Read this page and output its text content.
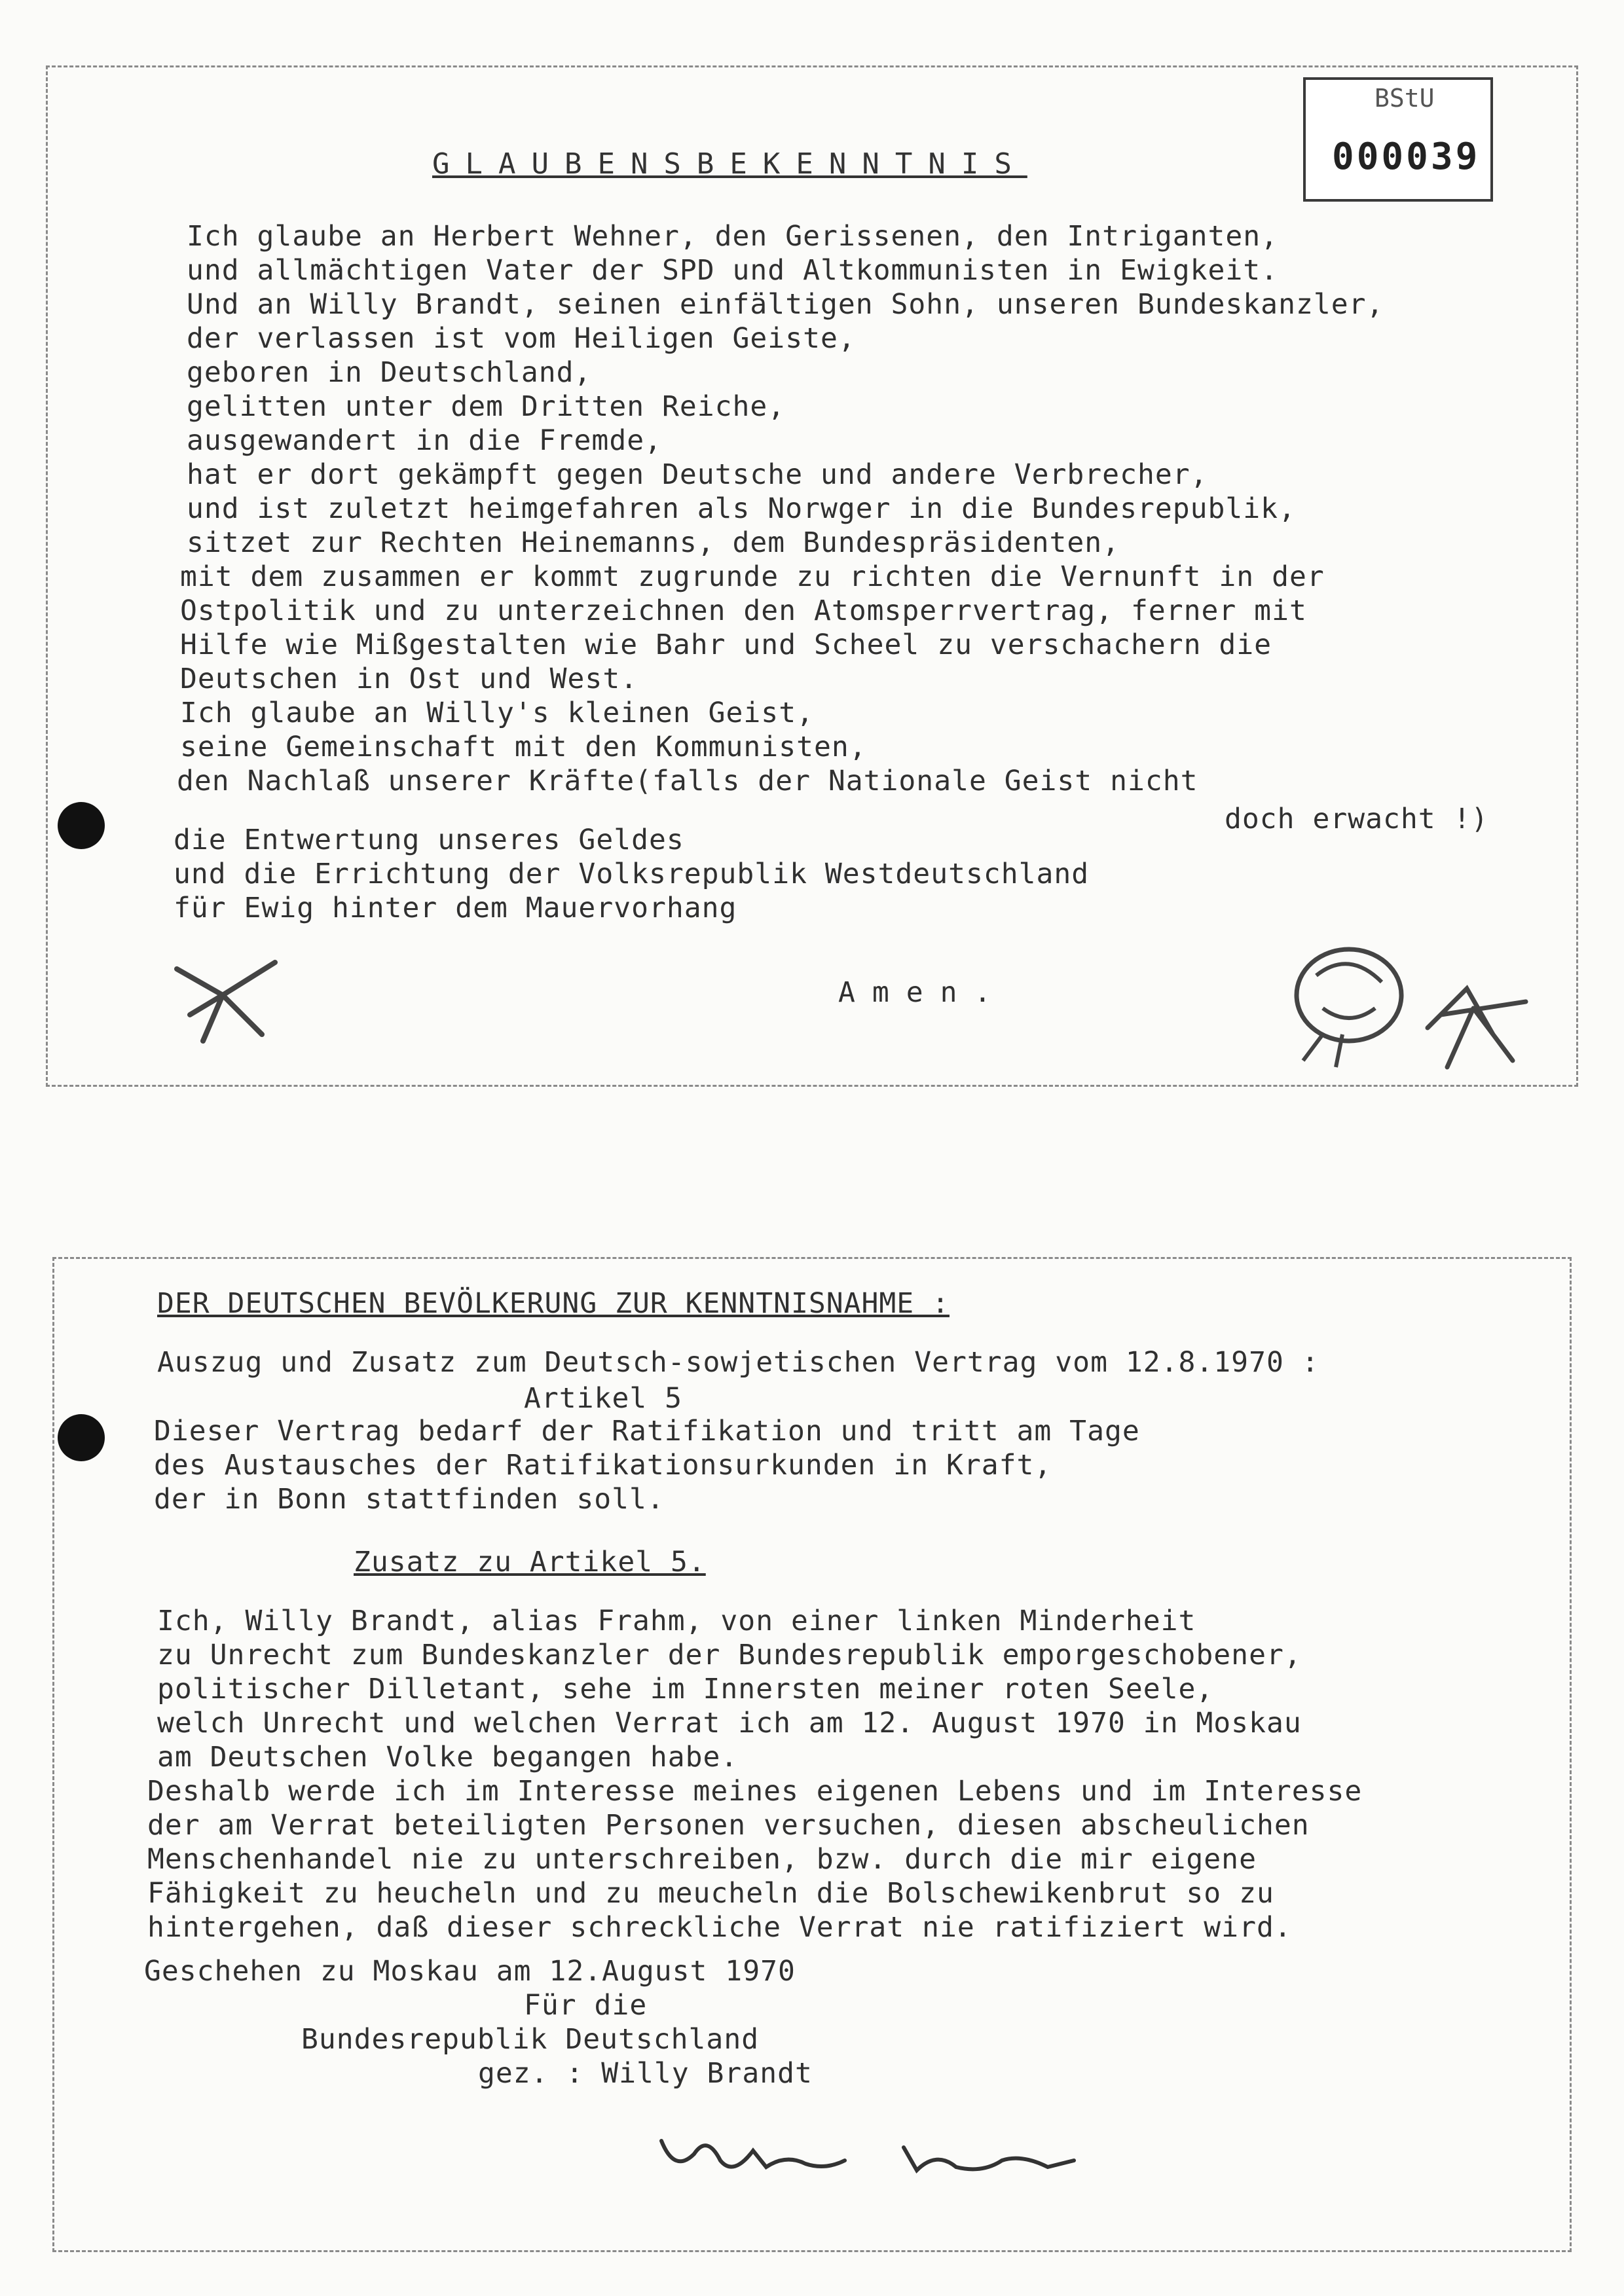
BStU
000039
GLAUBENSBEKENNTNIS
Ich glaube an Herbert Wehner, den Gerissenen, den Intriganten,
und allmächtigen Vater der SPD und Altkommunisten in Ewigkeit.
Und an Willy Brandt, seinen einfältigen Sohn, unseren Bundeskanzler,
der verlassen ist vom Heiligen Geiste,
geboren in Deutschland,
gelitten unter dem Dritten Reiche,
ausgewandert in die Fremde,
hat er dort gekämpft gegen Deutsche und andere Verbrecher,
und ist zuletzt heimgefahren als Norwger in die Bundesrepublik,
sitzet zur Rechten Heinemanns, dem Bundespräsidenten,
mit dem zusammen er kommt zugrunde zu richten die Vernunft in der
Ostpolitik und zu unterzeichnen den Atomsperrvertrag, ferner mit
Hilfe wie Mißgestalten wie Bahr und Scheel zu verschachern die
Deutschen in Ost und West.
Ich glaube an Willy's kleinen Geist,
seine Gemeinschaft mit den Kommunisten,
den Nachlaß unserer Kräfte(falls der Nationale Geist nicht
doch erwacht !)
die Entwertung unseres Geldes
und die Errichtung der Volksrepublik Westdeutschland
für Ewig hinter dem Mauervorhang
Amen.
DER DEUTSCHEN BEVÖLKERUNG ZUR KENNTNISNAHME :
Auszug und Zusatz zum Deutsch-sowjetischen Vertrag vom 12.8.1970 :
Artikel 5
Dieser Vertrag bedarf der Ratifikation und tritt am Tage
des Austausches der Ratifikationsurkunden in Kraft,
der in Bonn stattfinden soll.
Zusatz zu Artikel 5.
Ich, Willy Brandt, alias Frahm, von einer linken Minderheit
zu Unrecht zum Bundeskanzler der Bundesrepublik emporgeschobener,
politischer Dilletant, sehe im Innersten meiner roten Seele,
welch Unrecht und welchen Verrat ich am 12. August 1970 in Moskau
am Deutschen Volke begangen habe.
Deshalb werde ich im Interesse meines eigenen Lebens und im Interesse
der am Verrat beteiligten Personen versuchen, diesen abscheulichen
Menschenhandel nie zu unterschreiben, bzw. durch die mir eigene
Fähigkeit zu heucheln und zu meucheln die Bolschewikenbrut so zu
hintergehen, daß dieser schreckliche Verrat nie ratifiziert wird.
Geschehen zu Moskau am 12.August 1970
Für die
Bundesrepublik Deutschland
gez. : Willy Brandt
